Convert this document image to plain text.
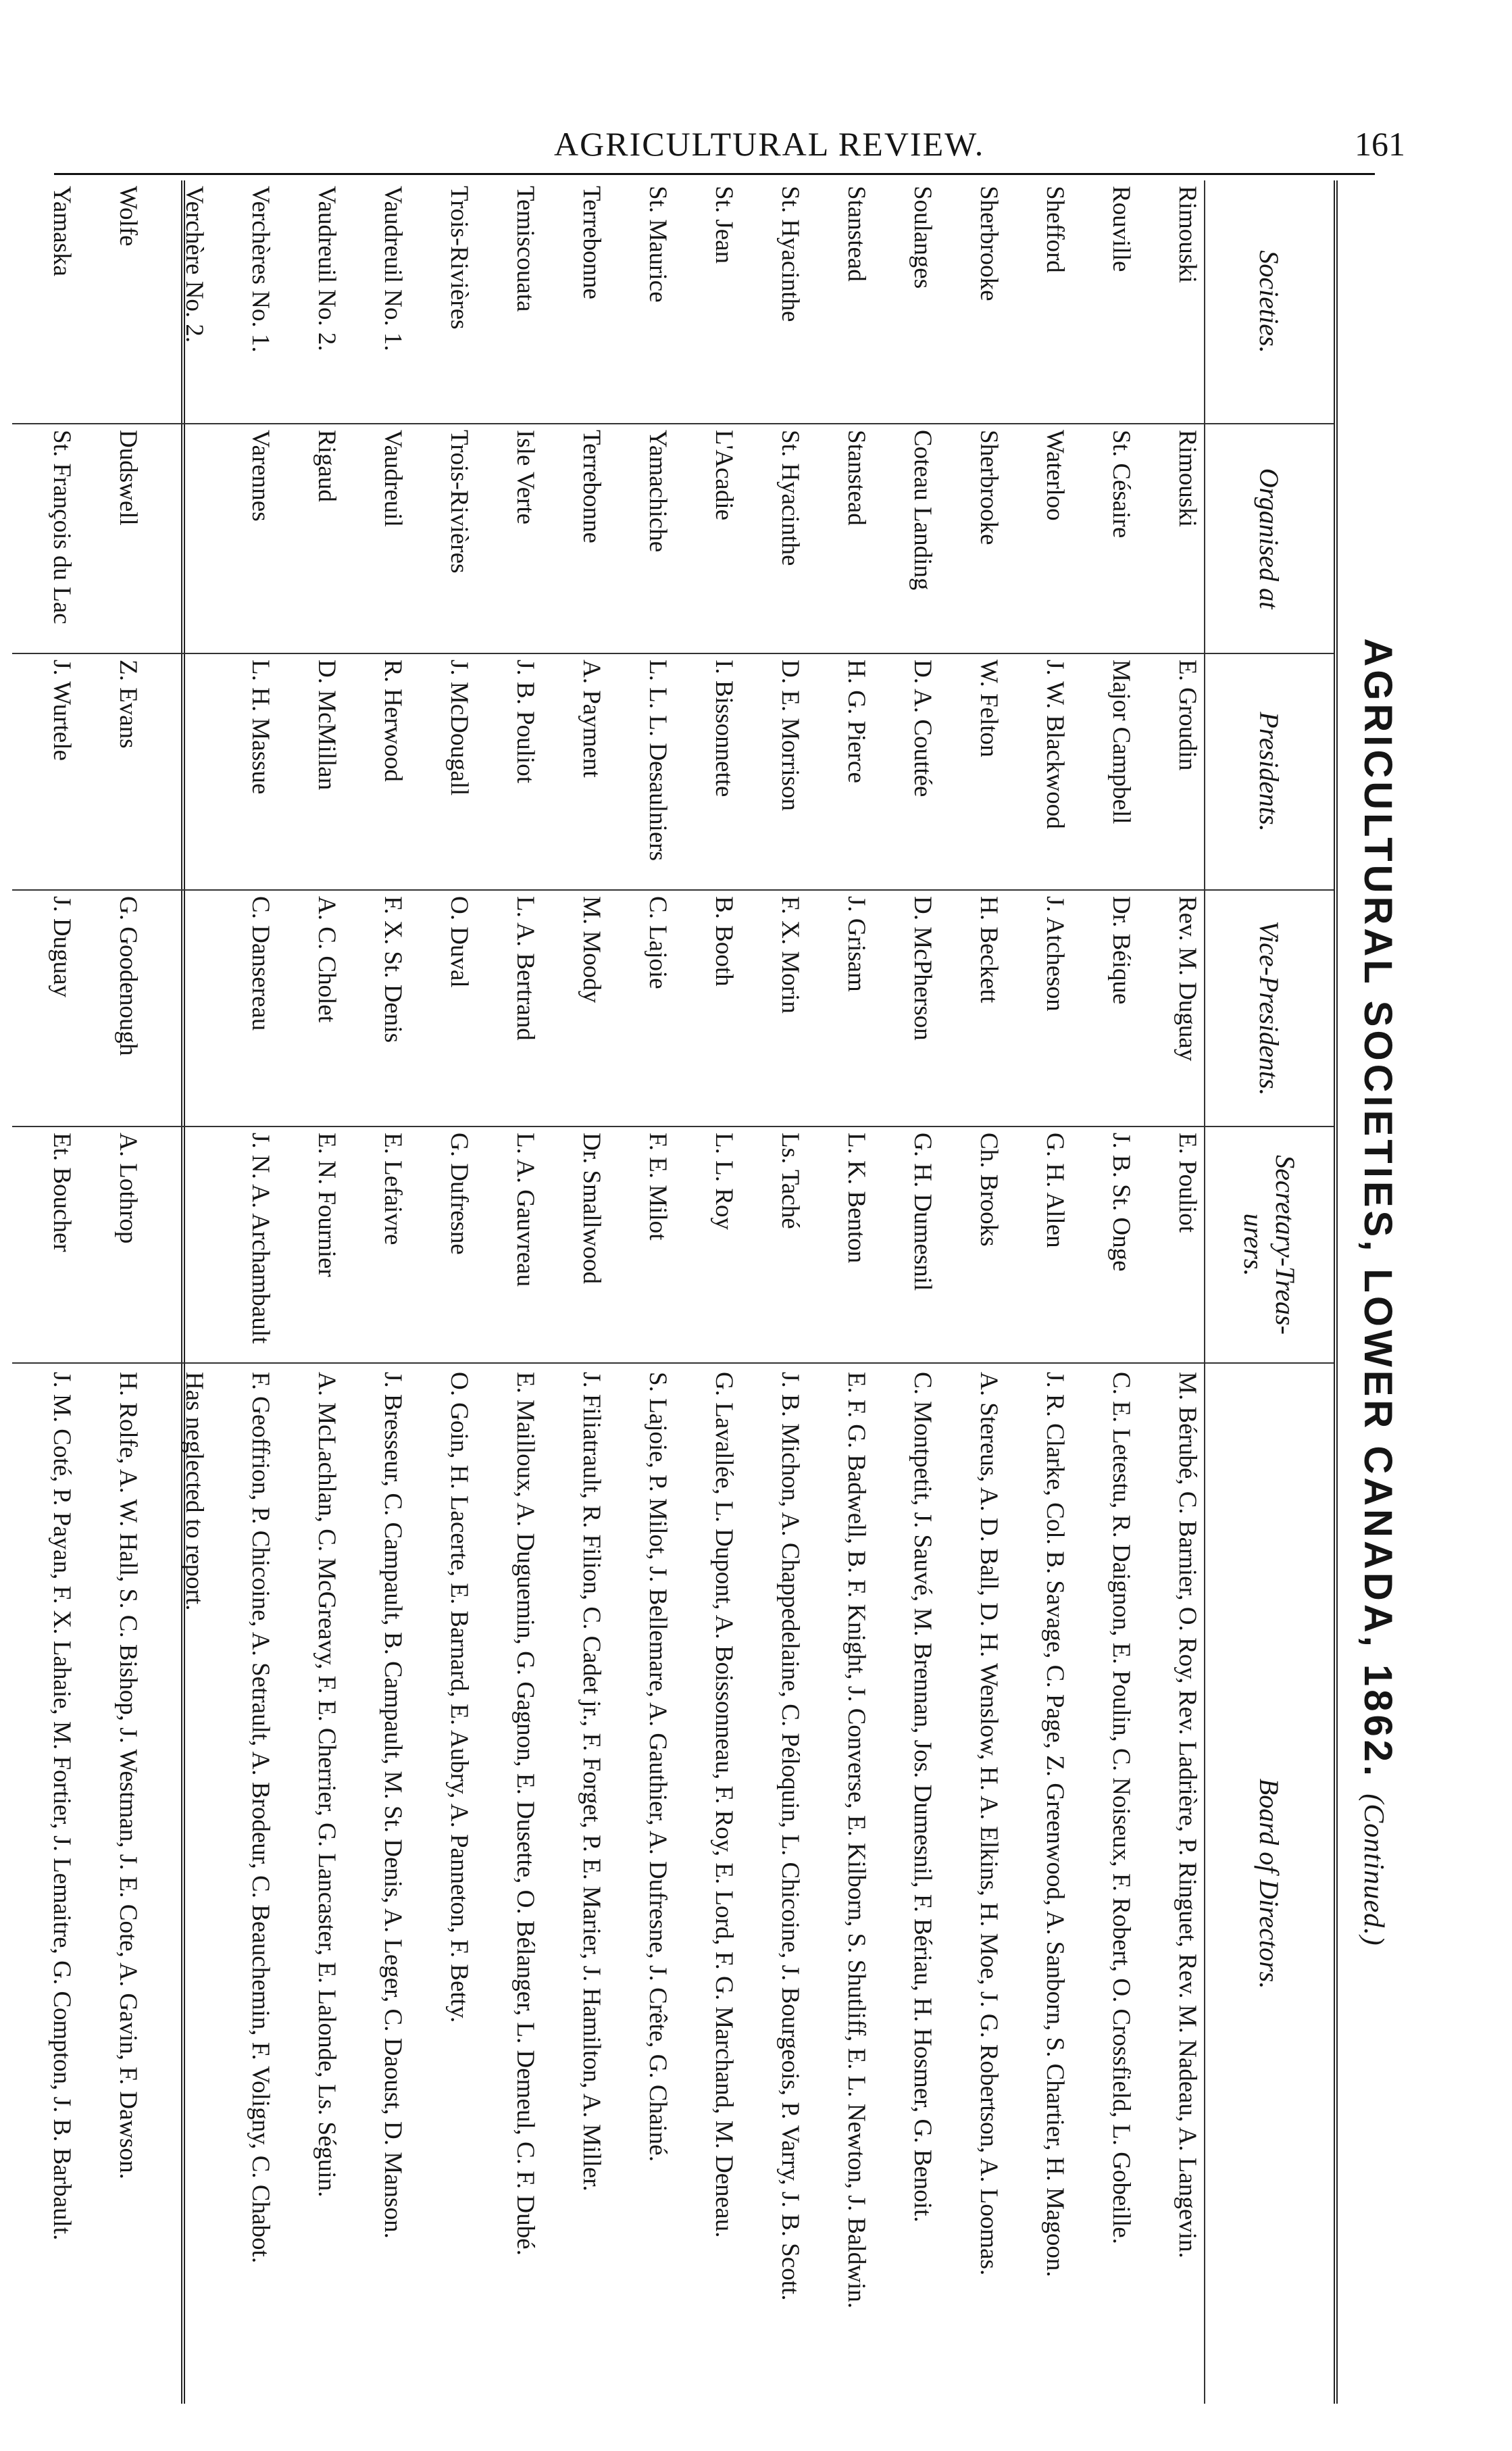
AGRICULTURAL REVIEW.	161
AGRICULTURAL SOCIETIES, LOWER CANADA, 1862. (Continued.)
Societies.	Organised at	Presidents.	Vice-Presidents.	Secretary-Treas-urers.	Board of Directors.
Rimouski	Rimouski	E. Groudin	Rev. M. Duguay	E. Pouliot	M. Bérubé, C. Barnier, O. Roy, Rev. Ladrière, P. Ringuet, Rev. M. Nadeau, A. Langevin.
Rouville	St. Césaire	Major Campbell	Dr. Béique	J. B. St. Onge	C. E. Letestu, R. Daignon, E. Poulin, C. Noiseux, F. Robert, O. Crossfield, L. Gobeille.
Shefford	Waterloo	J. W. Blackwood	J. Atcheson	G. H. Allen	J. R. Clarke, Col. B. Savage, C. Page, Z. Greenwood, A. Sanborn, S. Chartier, H. Magoon.
Sherbrooke	Sherbrooke	W. Felton	H. Beckett	Ch. Brooks	A. Stereus, A. D. Ball, D. H. Wenslow, H. A. Elkins, H. Moe, J. G. Robertson, A. Loomas.
Soulanges	Coteau Landing	D. A. Couttée	D. McPherson	G. H. Dumesnil	C. Montpetit, J. Sauvé, M. Brennan, Jos. Dumesnil, F. Bériau, H. Hosmer, G. Benoit.
Stanstead	Stanstead	H. G. Pierce	J. Grisam	L. K. Benton	E. F. G. Badwell, B. F. Knight, J. Converse, E. Kilborn, S. Shutliff, E. L. Newton, J. Baldwin.
St. Hyacinthe	St. Hyacinthe	D. E. Morrison	F. X. Morin	Ls. Taché	J. B. Michon, A. Chappedelaine, C. Péloquin, L. Chicoine, J. Bourgeois, P. Varry, J. B. Scott.
St. Jean	L'Acadie	I. Bissonnette	B. Booth	L. L. Roy	G. Lavallée, L. Dupont, A. Boissonneau, F. Roy, E. Lord, F. G. Marchand, M. Deneau.
St. Maurice	Yamachiche	L. L. L. Desaulniers	C. Lajoie	F. E. Milot	S. Lajoie, P. Milot, J. Bellemare, A. Gauthier, A. Dufresne, J. Crête, G. Chainé.
Terrebonne	Terrebonne	A. Payment	M. Moody	Dr. Smallwood	J. Filiatrault, R. Filion, C. Cadet jr., F. Forget, P. E. Marier, J. Hamilton, A. Miller.
Temiscouata	Isle Verte	J. B. Pouliot	L. A. Bertrand	L. A. Gauvreau	E. Mailloux, A. Duguemin, G. Gagnon, E. Dusette, O. Bélanger, L. Demeul, C. F. Dubé.
Trois-Rivières	Trois-Rivières	J. McDougall	O. Duval	G. Dufresne	O. Goin, H. Lacerte, E. Barnard, E. Aubry, A. Panneton, F. Betty.
Vaudreuil No. 1.	Vaudreuil	R. Herwood	F. X. St. Denis	E. Lefaivre	J. Bresseur, C. Campault, B. Campault, M. St. Denis, A. Leger, C. Daoust, D. Manson.
Vaudreuil No. 2.	Rigaud	D. McMillan	A. C. Cholet	E. N. Fournier	A. McLachlan, C. McGreavy, F. E. Cherrier, G. Lancaster, E. Lalonde, Ls. Séguin.
Verchères No. 1.	Varennes	L. H. Massue	C. Dansereau	J. N. A. Archambault	F. Geoffrion, P. Chicoine, A. Setrault, A. Brodeur, C. Beauchemin, F. Voligny, C. Chabot.
Verchère No. 2.					Has neglected to report.
Wolfe	Dudswell	Z. Evans	G. Goodenough	A. Lothrop	H. Rolfe, A. W. Hall, S. C. Bishop, J. Westman, J. E. Cote, A. Gavin, F. Dawson.
Yamaska	St. François du Lac	J. Wurtele	J. Duguay	Et. Boucher	J. M. Coté, P. Payan, F. X. Lahaie, M. Fortier, J. Lemaitre, G. Compton, J. B. Barbault.
